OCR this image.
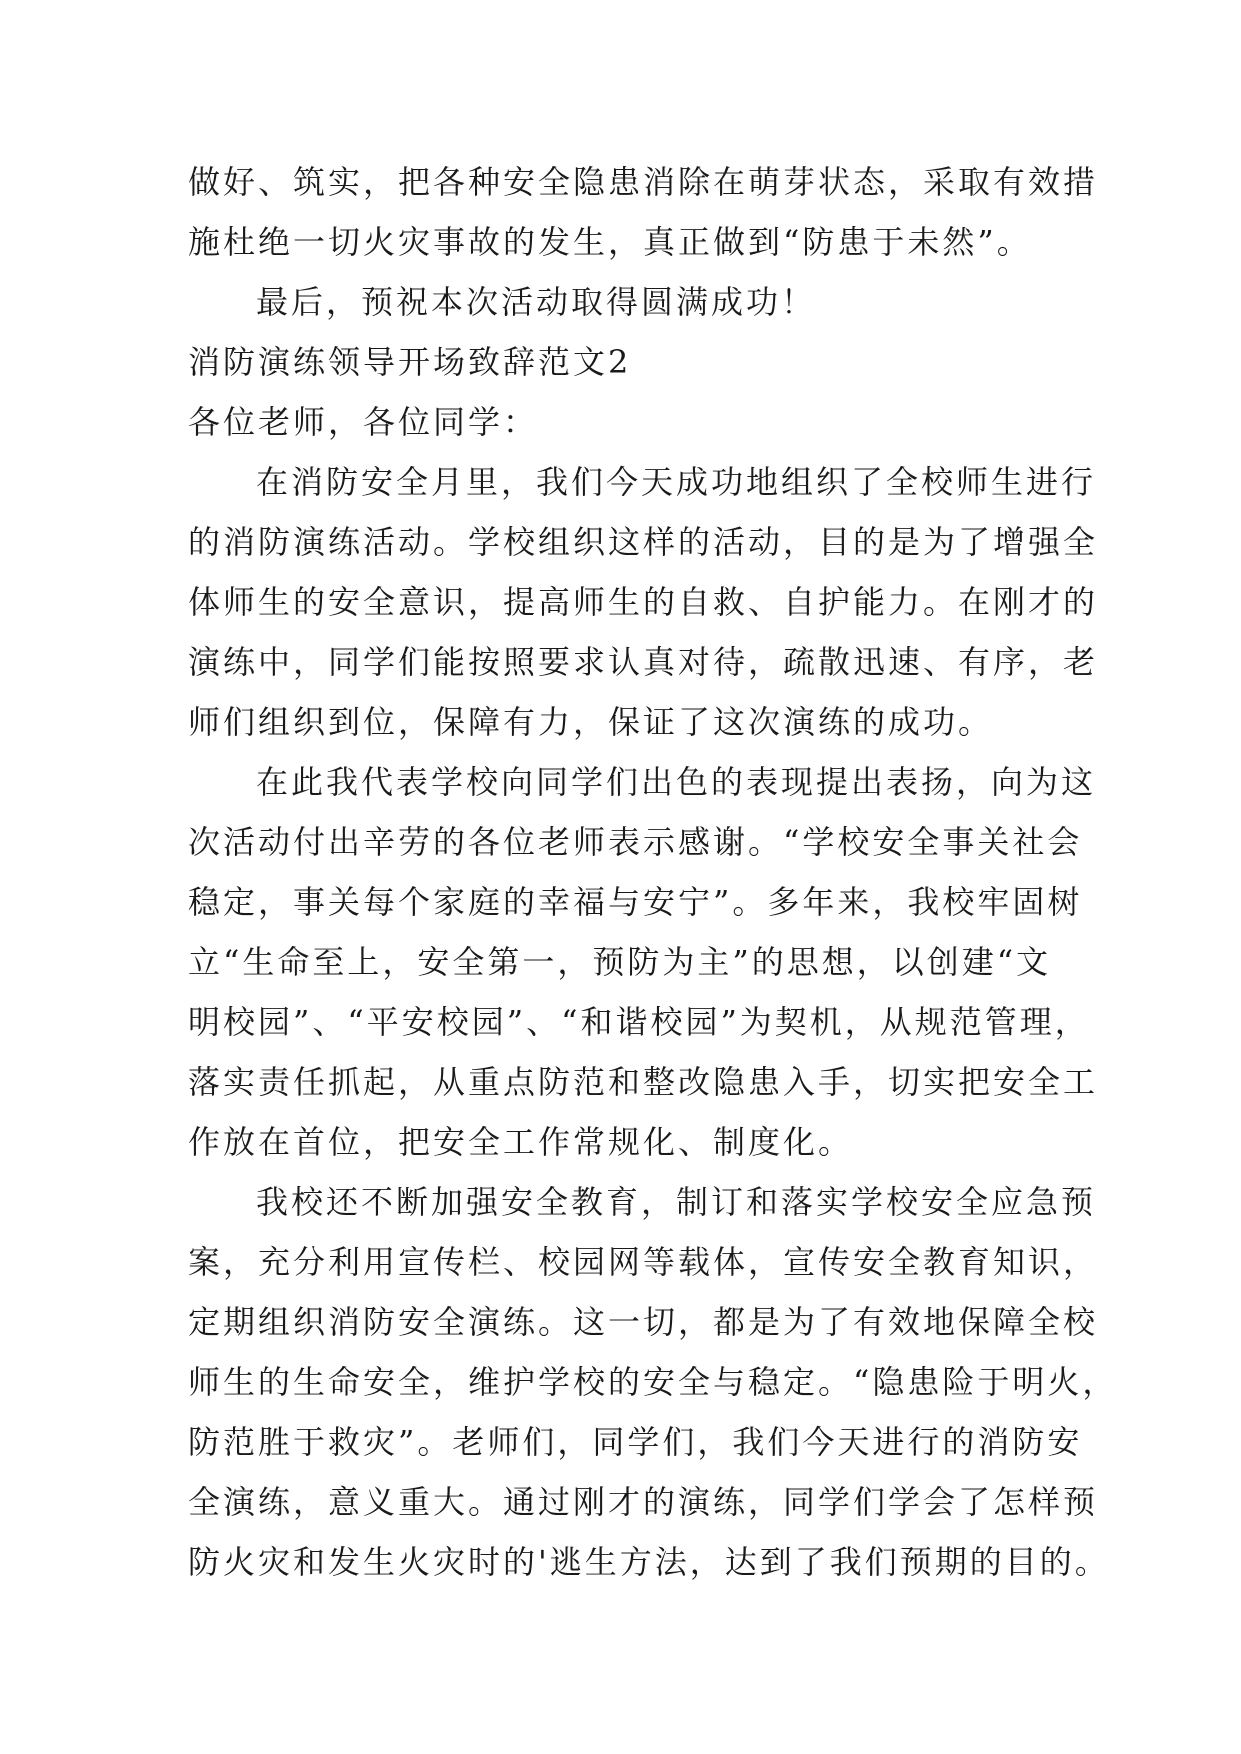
做好、筑实，把各种安全隐患消除在萌芽状态，采取有效措
施杜绝一切火灾事故的发生，真正做到“防患于未然”。
最后，预祝本次活动取得圆满成功！
消防演练领导开场致辞范文2
各位老师，各位同学：
在消防安全月里，我们今天成功地组织了全校师生进行
的消防演练活动。学校组织这样的活动，目的是为了增强全
体师生的安全意识，提高师生的自救、自护能力。在刚才的
演练中，同学们能按照要求认真对待，疏散迅速、有序，老
师们组织到位，保障有力，保证了这次演练的成功。
在此我代表学校向同学们出色的表现提出表扬，向为这
次活动付出辛劳的各位老师表示感谢。“学校安全事关社会
稳定，事关每个家庭的幸福与安宁”。多年来，我校牢固树
立“生命至上，安全第一，预防为主”的思想，以创建“文
明校园”、“平安校园”、“和谐校园”为契机，从规范管理，
落实责任抓起，从重点防范和整改隐患入手，切实把安全工
作放在首位，把安全工作常规化、制度化。
我校还不断加强安全教育，制订和落实学校安全应急预
案，充分利用宣传栏、校园网等载体，宣传安全教育知识，
定期组织消防安全演练。这一切，都是为了有效地保障全校
师生的生命安全，维护学校的安全与稳定。“隐患险于明火，
防范胜于救灾”。老师们，同学们，我们今天进行的消防安
全演练，意义重大。通过刚才的演练，同学们学会了怎样预
防火灾和发生火灾时的'逃生方法，达到了我们预期的目的。
